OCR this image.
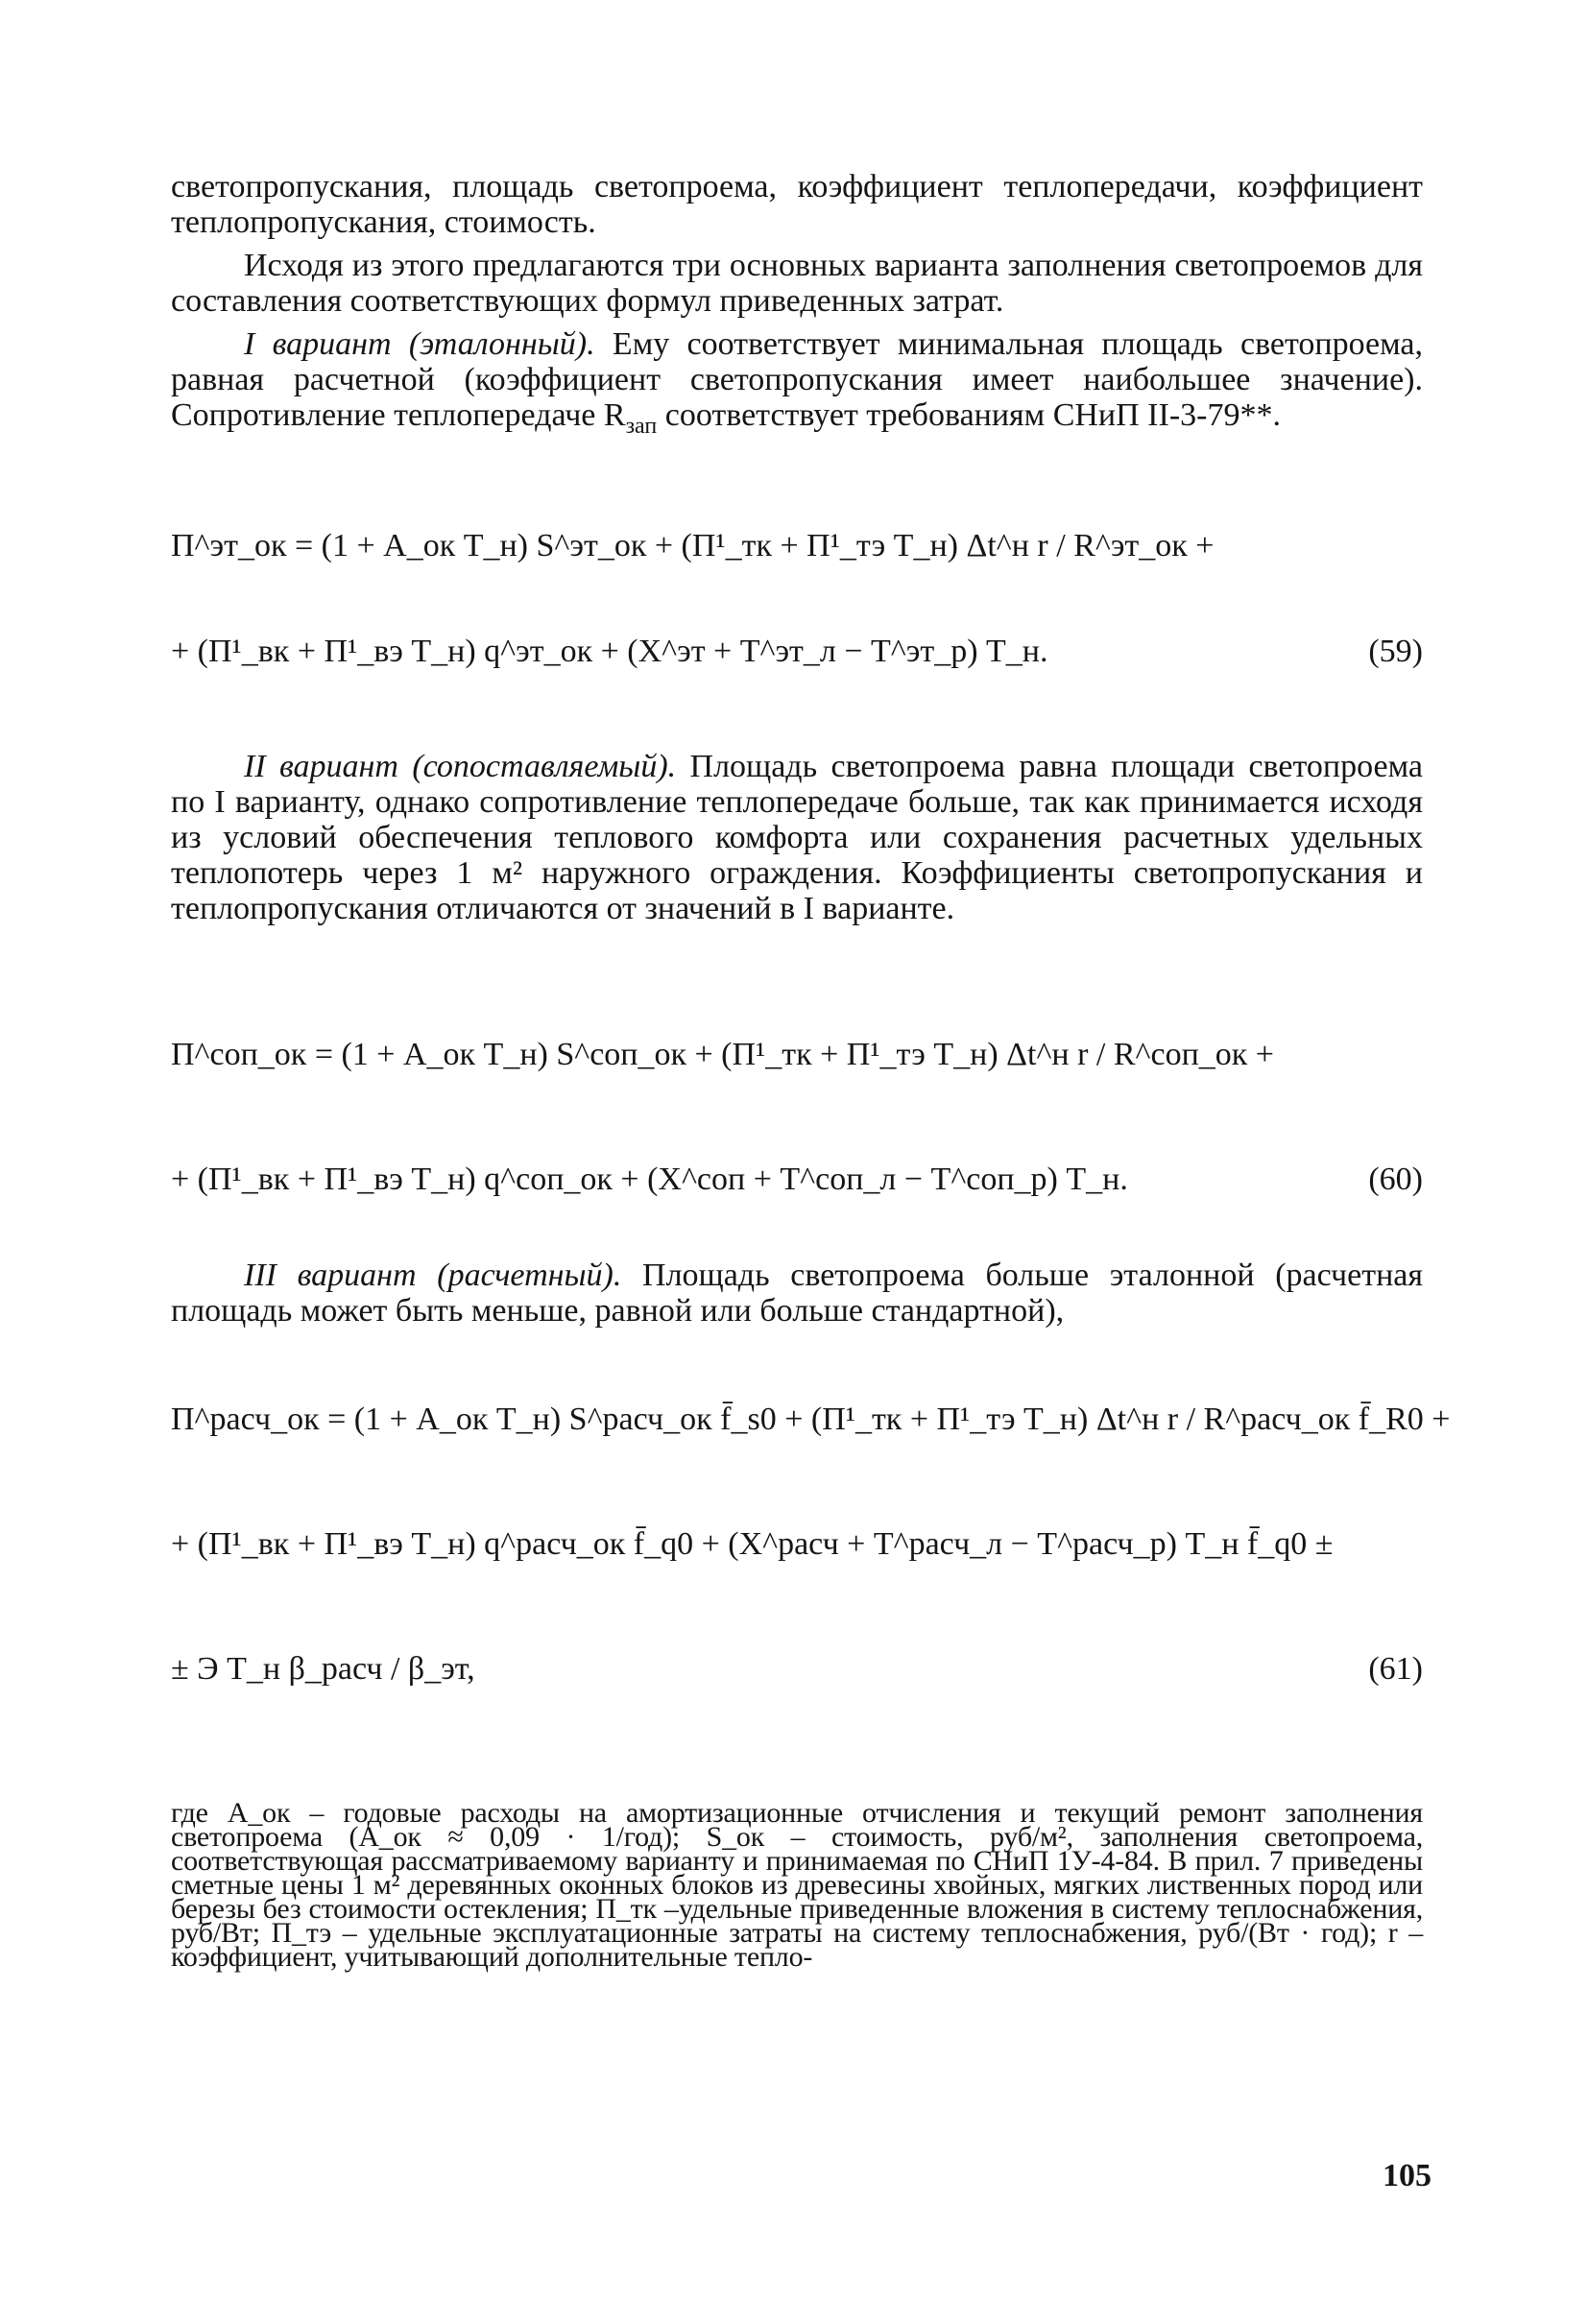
светопропускания, площадь светопроема, коэффициент теплопередачи, коэффициент теплопропускания, стоимость.

Исходя из этого предлагаются три основных варианта заполнения светопроемов для составления соответствующих формул приведенных затрат.

I вариант (эталонный). Ему соответствует минимальная площадь светопроема, равная расчетной (коэффициент светопропускания имеет наибольшее значение). Сопротивление теплопередаче $R_{зап}$ соответствует требованиям СНиП II-3-79**.

П^эт_ок = (1 + A_ок Т_н) S^эт_ок + (П¹_тк + П¹_тэ Т_н) Δt^н r / R^эт_ок +
+ (П¹_вк + П¹_вэ Т_н) q^эт_ок + (Х^эт + Т^эт_л − Т^эт_р) Т_н.	(59)

II вариант (сопоставляемый). Площадь светопроема равна площади светопроема по I варианту, однако сопротивление теплопередаче больше, так как принимается исходя из условий обеспечения теплового комфорта или сохранения расчетных удельных теплопотерь через 1 м² наружного ограждения. Коэффициенты светопропускания и теплопропускания отличаются от значений в I варианте.

П^соп_ок = (1 + A_ок Т_н) S^соп_ок + (П¹_тк + П¹_тэ Т_н) Δt^н r / R^соп_ок +
+ (П¹_вк + П¹_вэ Т_н) q^соп_ок + (Х^соп + Т^соп_л − Т^соп_р) Т_н.	(60)

III вариант (расчетный). Площадь светопроема больше эталонной (расчетная площадь может быть меньше, равной или больше стандартной),

П^расч_ок = (1 + A_ок Т_н) S^расч_ок f̄_s0 + (П¹_тк + П¹_тэ Т_н) Δt^н r / R^расч_ок f̄_R0 +
+ (П¹_вк + П¹_вэ Т_н) q^расч_ок f̄_q0 + (Х^расч + Т^расч_л − Т^расч_р) Т_н f̄_q0 ±
± Э Т_н β_расч / β_эт,	(61)

где A_ок – годовые расходы на амортизационные отчисления и текущий ремонт заполнения светопроема (A_ок ≈ 0,09 · 1/год); S_ок – стоимость, руб/м², заполнения светопроема, соответствующая рассматриваемому варианту и принимаемая по СНиП 1У-4-84. В прил. 7 приведены сметные цены 1 м² деревянных оконных блоков из древесины хвойных, мягких лиственных пород или березы без стоимости остекления; П_тк –удельные приведенные вложения в систему теплоснабжения, руб/Вт; П_тэ – удельные эксплуатационные затраты на систему теплоснабжения, руб/(Вт · год); r – коэффициент, учитывающий дополнительные тепло-

105
